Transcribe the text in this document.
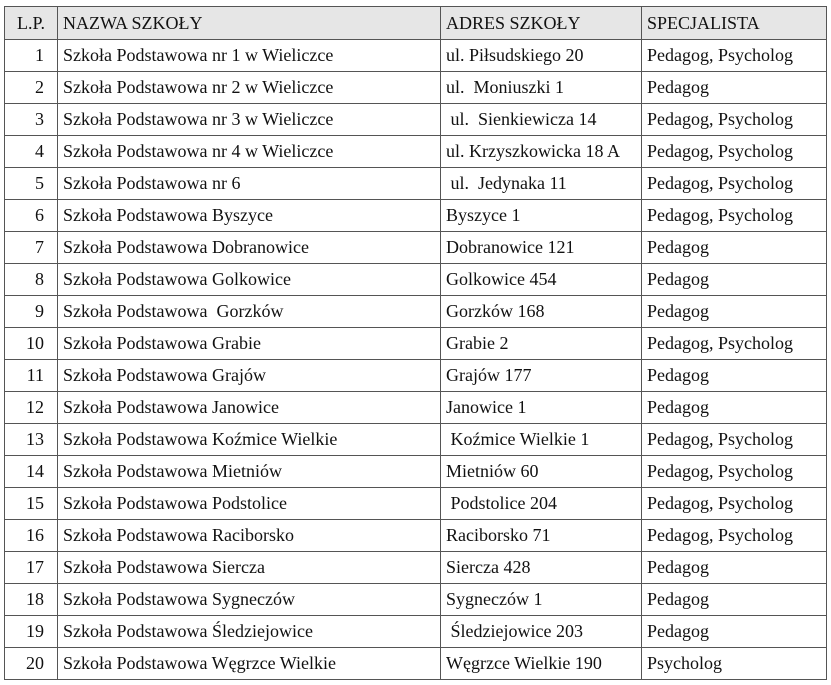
L.P.	NAZWA SZKOŁY	ADRES SZKOŁY	SPECJALISTA
1	Szkoła Podstawowa nr 1 w Wieliczce	ul. Piłsudskiego 20	Pedagog, Psycholog
2	Szkoła Podstawowa nr 2 w Wieliczce	ul.  Moniuszki 1	Pedagog
3	Szkoła Podstawowa nr 3 w Wieliczce	ul.  Sienkiewicza 14	Pedagog, Psycholog
4	Szkoła Podstawowa nr 4 w Wieliczce	ul. Krzyszkowicka 18 A	Pedagog, Psycholog
5	Szkoła Podstawowa nr 6	ul.  Jedynaka 11	Pedagog, Psycholog
6	Szkoła Podstawowa Byszyce	Byszyce 1	Pedagog, Psycholog
7	Szkoła Podstawowa Dobranowice	Dobranowice 121	Pedagog
8	Szkoła Podstawowa Golkowice	Golkowice 454	Pedagog
9	Szkoła Podstawowa  Gorzków	Gorzków 168	Pedagog
10	Szkoła Podstawowa Grabie	Grabie 2	Pedagog, Psycholog
11	Szkoła Podstawowa Grajów	Grajów 177	Pedagog
12	Szkoła Podstawowa Janowice	Janowice 1	Pedagog
13	Szkoła Podstawowa Koźmice Wielkie	Koźmice Wielkie 1	Pedagog, Psycholog
14	Szkoła Podstawowa Mietniów	Mietniów 60	Pedagog, Psycholog
15	Szkoła Podstawowa Podstolice	Podstolice 204	Pedagog, Psycholog
16	Szkoła Podstawowa Raciborsko	Raciborsko 71	Pedagog, Psycholog
17	Szkoła Podstawowa Siercza	Siercza 428	Pedagog
18	Szkoła Podstawowa Sygneczów	Sygneczów 1	Pedagog
19	Szkoła Podstawowa Śledziejowice	Śledziejowice 203	Pedagog
20	Szkoła Podstawowa Węgrzce Wielkie	Węgrzce Wielkie 190	Psycholog
